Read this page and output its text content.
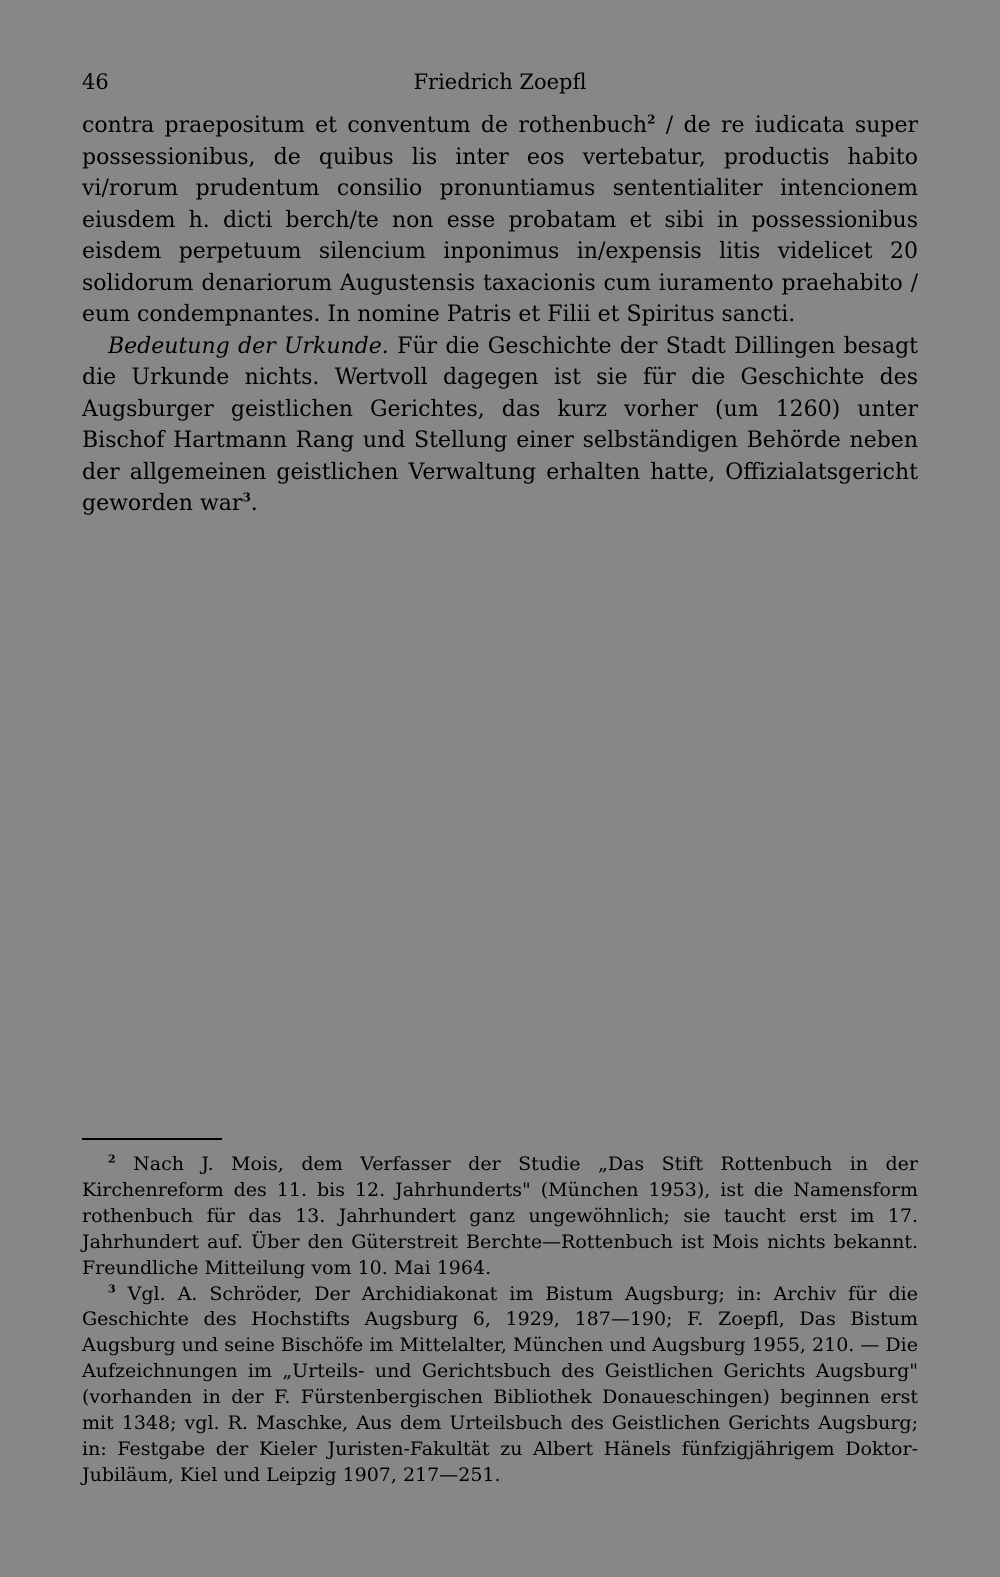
46	Friedrich Zoepfl

contra praepositum et conventum de rothenbuch$^2$ / de re iudicata super possessionibus, de quibus lis inter eos vertebatur, productis habito vi/rorum prudentum consilio pronuntiamus sententialiter intencionem eiusdem h. dicti berch/te non esse probatam et sibi in possessionibus eisdem perpetuum silencium inponimus in/expensis litis videlicet 20 solidorum denariorum Augustensis taxacionis cum iuramento praehabito / eum condempnantes. In nomine Patris et Filii et Spiritus sancti.

Bedeutung der Urkunde. Für die Geschichte der Stadt Dillingen besagt die Urkunde nichts. Wertvoll dagegen ist sie für die Geschichte des Augsburger geistlichen Gerichtes, das kurz vorher (um 1260) unter Bischof Hartmann Rang und Stellung einer selbständigen Behörde neben der allgemeinen geistlichen Verwaltung erhalten hatte, Offizialatsgericht geworden war$^3$.

$^2$ Nach J. Mois, dem Verfasser der Studie „Das Stift Rottenbuch in der Kirchenreform des 11. bis 12. Jahrhunderts" (München 1953), ist die Namensform rothenbuch für das 13. Jahrhundert ganz ungewöhnlich; sie taucht erst im 17. Jahrhundert auf. Über den Güterstreit Berchte—Rottenbuch ist Mois nichts bekannt. Freundliche Mitteilung vom 10. Mai 1964.

$^3$ Vgl. A. Schröder, Der Archidiakonat im Bistum Augsburg; in: Archiv für die Geschichte des Hochstifts Augsburg 6, 1929, 187—190; F. Zoepfl, Das Bistum Augsburg und seine Bischöfe im Mittelalter, München und Augsburg 1955, 210. — Die Aufzeichnungen im „Urteils- und Gerichtsbuch des Geistlichen Gerichts Augsburg" (vorhanden in der F. Fürstenbergischen Bibliothek Donaueschingen) beginnen erst mit 1348; vgl. R. Maschke, Aus dem Urteilsbuch des Geistlichen Gerichts Augsburg; in: Festgabe der Kieler Juristen-Fakultät zu Albert Hänels fünfzigjährigem Doktor-Jubiläum, Kiel und Leipzig 1907, 217—251.
